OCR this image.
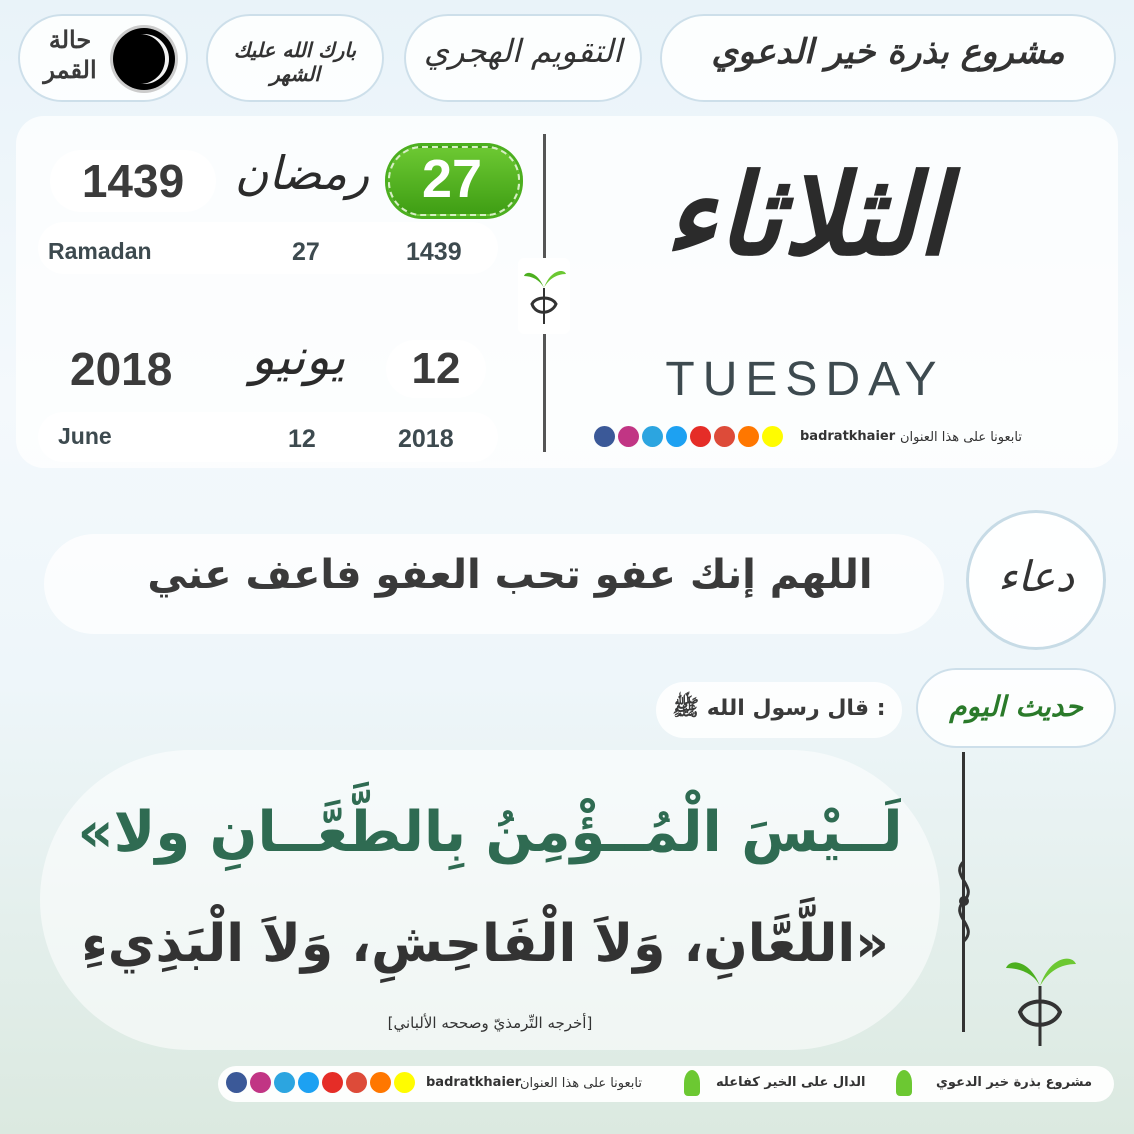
حالة
القمر
بارك الله عليك الشهر
التقويم الهجري	مشروع بذرة خير الدعوي
1439	رمضان 27
Ramadan	27	1439
2018	يونيو	12
June	12	2018
الثلاثاء
TUESDAY
badratkhaier تابعونا على هذا العنوان
اللهم إنك عفو تحب العفو فاعف عني	دعاء
حديث اليوم
قال رسول الله ﷺ :
«لَــيْسَ الْمُــؤْمِنُ بِالطَّعَّــانِ ولا
اللَّعَّانِ، وَلاَ الْفَاحِشِ، وَلاَ الْبَذِيءِ»
[أخرجه التِّرمذيّ وصححه الألباني]
مشروع بذرة خير الدعوي
الدال على الخير كفاعله
تابعونا على هذا العنوان
badratkhaier
